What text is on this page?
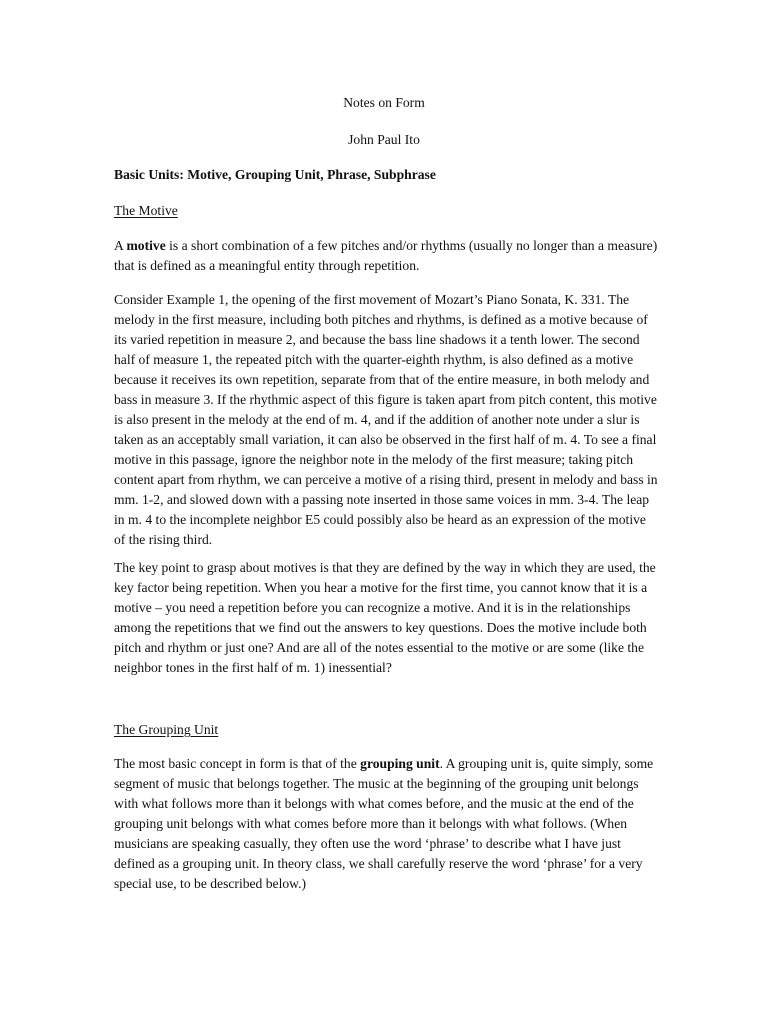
Notes on Form

John Paul Ito

Basic Units: Motive, Grouping Unit, Phrase, Subphrase

The Motive

A motive is a short combination of a few pitches and/or rhythms (usually no longer than a measure) that is defined as a meaningful entity through repetition.

Consider Example 1, the opening of the first movement of Mozart’s Piano Sonata, K. 331. The melody in the first measure, including both pitches and rhythms, is defined as a motive because of its varied repetition in measure 2, and because the bass line shadows it a tenth lower. The second half of measure 1, the repeated pitch with the quarter-eighth rhythm, is also defined as a motive because it receives its own repetition, separate from that of the entire measure, in both melody and bass in measure 3. If the rhythmic aspect of this figure is taken apart from pitch content, this motive is also present in the melody at the end of m. 4, and if the addition of another note under a slur is taken as an acceptably small variation, it can also be observed in the first half of m. 4. To see a final motive in this passage, ignore the neighbor note in the melody of the first measure; taking pitch content apart from rhythm, we can perceive a motive of a rising third, present in melody and bass in mm. 1-2, and slowed down with a passing note inserted in those same voices in mm. 3-4. The leap in m. 4 to the incomplete neighbor E5 could possibly also be heard as an expression of the motive of the rising third.

The key point to grasp about motives is that they are defined by the way in which they are used, the key factor being repetition. When you hear a motive for the first time, you cannot know that it is a motive – you need a repetition before you can recognize a motive. And it is in the relationships among the repetitions that we find out the answers to key questions. Does the motive include both pitch and rhythm or just one? And are all of the notes essential to the motive or are some (like the neighbor tones in the first half of m. 1) inessential?

The Grouping Unit

The most basic concept in form is that of the grouping unit. A grouping unit is, quite simply, some segment of music that belongs together. The music at the beginning of the grouping unit belongs with what follows more than it belongs with what comes before, and the music at the end of the grouping unit belongs with what comes before more than it belongs with what follows. (When musicians are speaking casually, they often use the word ‘phrase’ to describe what I have just defined as a grouping unit. In theory class, we shall carefully reserve the word ‘phrase’ for a very special use, to be described below.)
